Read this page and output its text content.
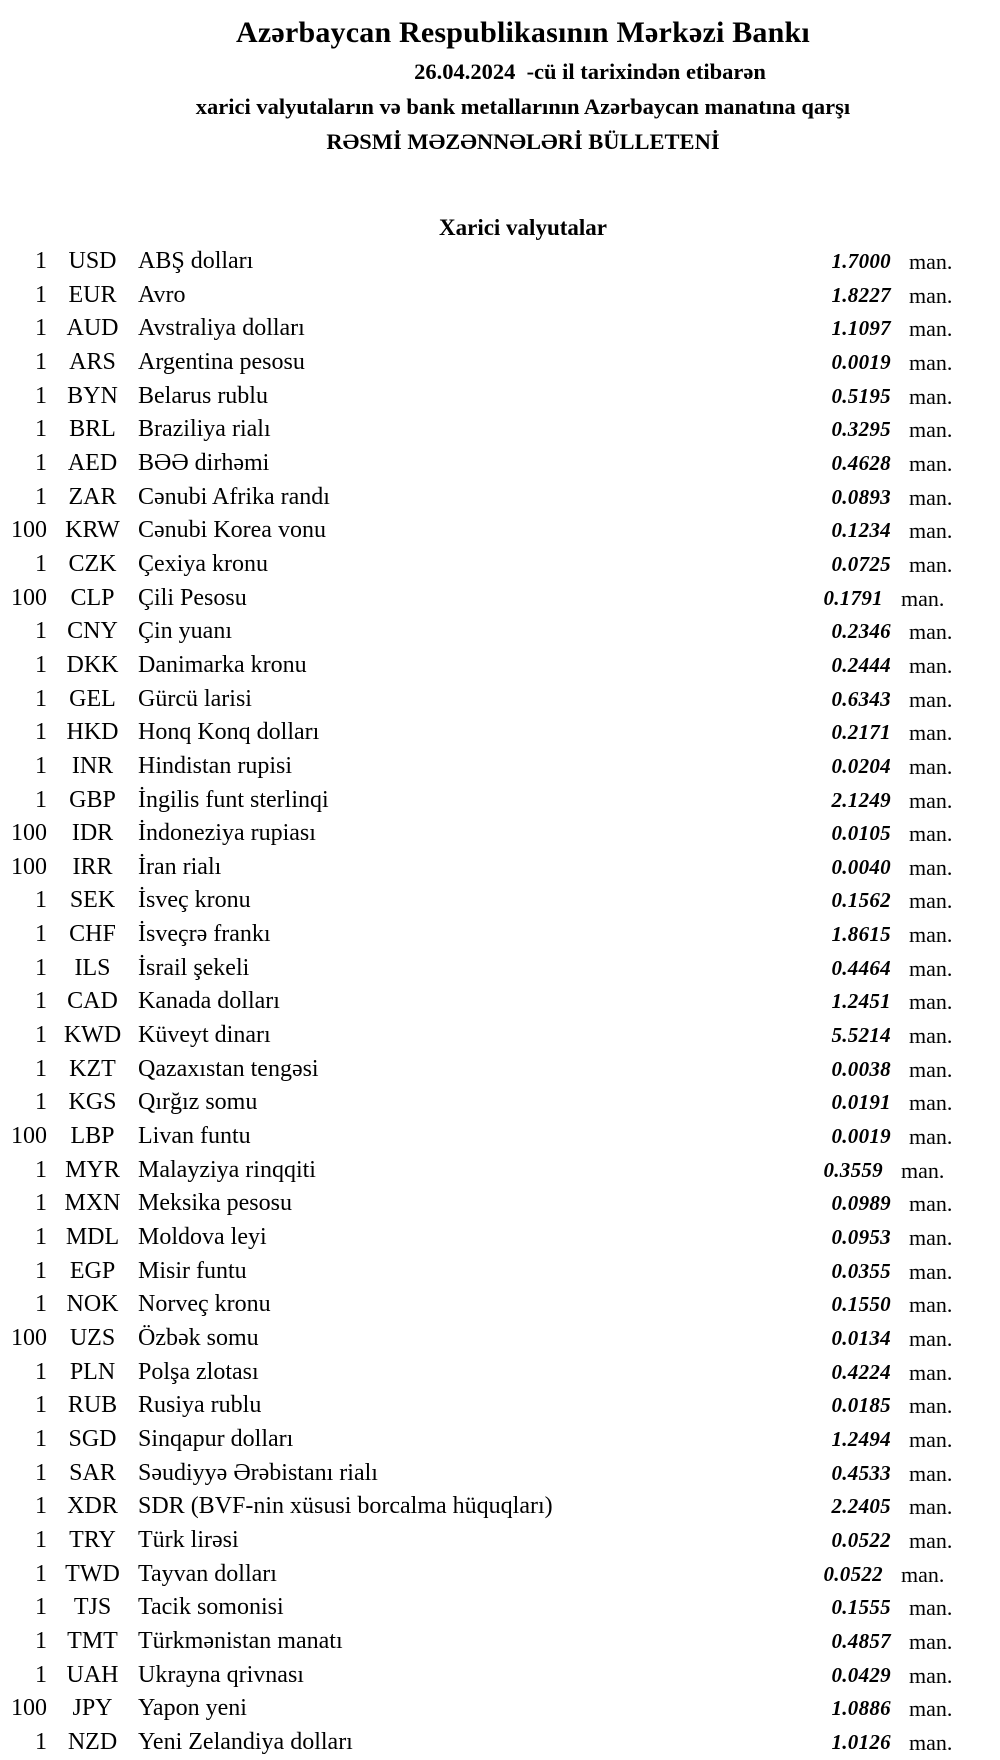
Azərbaycan Respublikasının Mərkəzi Bankı
26.04.2024  -cü il tarixindən etibarən
xarici valyutaların və bank metallarının Azərbaycan manatına qarşı
RƏSMİ MƏZƏNNƏLƏRİ BÜLLETENİ
Xarici valyutalar
1 USD ABŞ dolları	1.7000 man.
1 EUR Avro	1.8227 man.
1 AUD Avstraliya dolları	1.1097 man.
1 ARS Argentina pesosu	0.0019 man.
1 BYN Belarus rublu	0.5195 man.
1 BRL Braziliya rialı	0.3295 man.
1 AED BƏƏ dirhəmi	0.4628 man.
1 ZAR Cənubi Afrika randı	0.0893 man.
100 KRW Cənubi Korea vonu	0.1234 man.
1 CZK Çexiya kronu	0.0725 man.
100 CLP Çili Pesosu	0.1791 man.
1 CNY Çin yuanı	0.2346 man.
1 DKK Danimarka kronu	0.2444 man.
1 GEL Gürcü larisi	0.6343 man.
1 HKD Honq Konq dolları	0.2171 man.
1	INR	Hindistan rupisi	0.0204 man.
1 GBP İngilis funt sterlinqi	2.1249 man.
100	IDR	İndoneziya rupiası	0.0105 man.
100	IRR	İran rialı	0.0040 man.
1 SEK İsveç kronu	0.1562 man.
1 CHF İsveçrə frankı	1.8615 man.
1	ILS	İsrail şekeli	0.4464 man.
1 CAD Kanada dolları	1.2451 man.
1 KWD Küveyt dinarı	5.5214 man.
1 KZT Qazaxıstan tengəsi	0.0038 man.
1 KGS Qırğız somu	0.0191 man.
100 LBP Livan funtu	0.0019 man.
1 MYR Malayziya rinqqiti	0.3559 man.
1 MXN Meksika pesosu	0.0989 man.
1 MDL Moldova leyi	0.0953 man.
1 EGP Misir funtu	0.0355 man.
1 NOK Norveç kronu	0.1550 man.
100 UZS Özbək somu	0.0134 man.
1 PLN Polşa zlotası	0.4224 man.
1 RUB Rusiya rublu	0.0185 man.
1 SGD Sinqapur dolları	1.2494 man.
1 SAR Səudiyyə Ərəbistanı rialı	0.4533 man.
1 XDR SDR (BVF-nin xüsusi borcalma hüquqları)	2.2405 man.
1 TRY Türk lirəsi	0.0522 man.
1 TWD Tayvan dolları	0.0522 man.
1	TJS	Tacik somonisi	0.1555 man.
1 TMT Türkmənistan manatı	0.4857 man.
1 UAH Ukrayna qrivnası	0.0429 man.
100	JPY	Yapon yeni	1.0886 man.
1 NZD Yeni Zelandiya dolları	1.0126 man.
